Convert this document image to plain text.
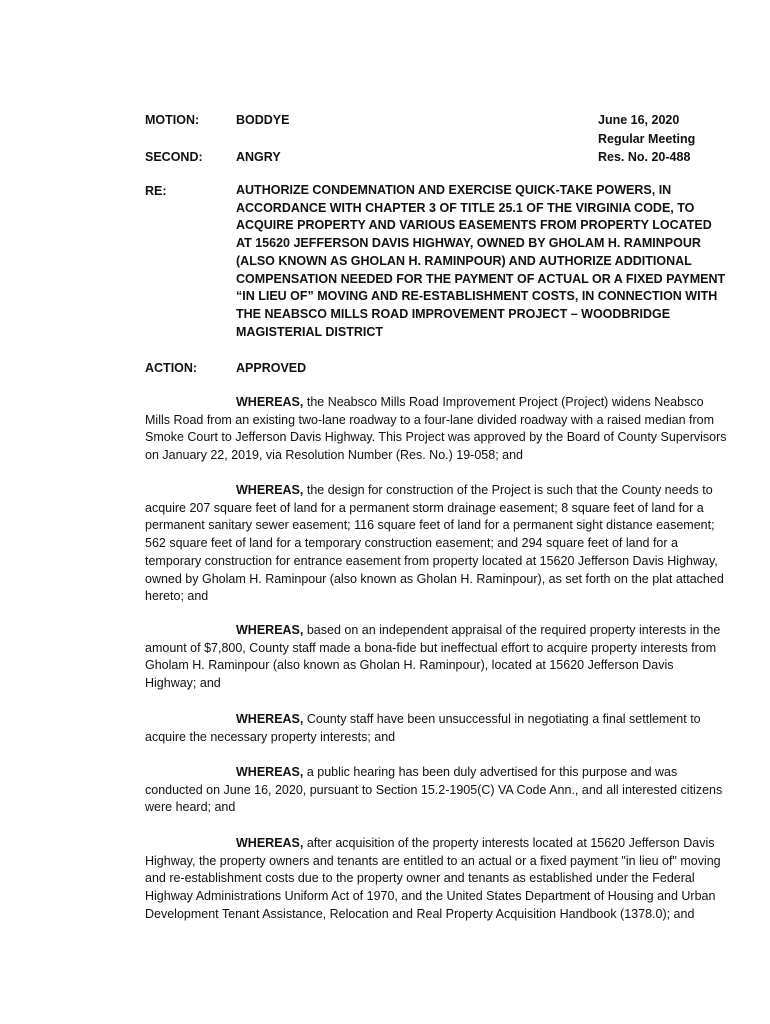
MOTION:	BODDYE	June 16, 2020
Regular Meeting
SECOND:	ANGRY	Res. No. 20-488
RE:	AUTHORIZE CONDEMNATION AND EXERCISE QUICK-TAKE POWERS, IN ACCORDANCE WITH CHAPTER 3 OF TITLE 25.1 OF THE VIRGINIA CODE, TO ACQUIRE PROPERTY AND VARIOUS EASEMENTS FROM PROPERTY LOCATED AT 15620 JEFFERSON DAVIS HIGHWAY, OWNED BY GHOLAM H. RAMINPOUR (ALSO KNOWN AS GHOLAN H. RAMINPOUR) AND AUTHORIZE ADDITIONAL COMPENSATION NEEDED FOR THE PAYMENT OF ACTUAL OR A FIXED PAYMENT “IN LIEU OF” MOVING AND RE-ESTABLISHMENT COSTS, IN CONNECTION WITH THE NEABSCO MILLS ROAD IMPROVEMENT PROJECT – WOODBRIDGE MAGISTERIAL DISTRICT
ACTION:	APPROVED

WHEREAS, the Neabsco Mills Road Improvement Project (Project) widens Neabsco Mills Road from an existing two-lane roadway to a four-lane divided roadway with a raised median from Smoke Court to Jefferson Davis Highway. This Project was approved by the Board of County Supervisors on January 22, 2019, via Resolution Number (Res. No.) 19-058; and

WHEREAS, the design for construction of the Project is such that the County needs to acquire 207 square feet of land for a permanent storm drainage easement; 8 square feet of land for a permanent sanitary sewer easement; 116 square feet of land for a permanent sight distance easement; 562 square feet of land for a temporary construction easement; and 294 square feet of land for a temporary construction for entrance easement from property located at 15620 Jefferson Davis Highway, owned by Gholam H. Raminpour (also known as Gholan H. Raminpour), as set forth on the plat attached hereto; and

WHEREAS, based on an independent appraisal of the required property interests in the amount of $7,800, County staff made a bona-fide but ineffectual effort to acquire property interests from Gholam H. Raminpour (also known as Gholan H. Raminpour), located at 15620 Jefferson Davis Highway; and

WHEREAS, County staff have been unsuccessful in negotiating a final settlement to acquire the necessary property interests; and

WHEREAS, a public hearing has been duly advertised for this purpose and was conducted on June 16, 2020, pursuant to Section 15.2-1905(C) VA Code Ann., and all interested citizens were heard; and

WHEREAS, after acquisition of the property interests located at 15620 Jefferson Davis Highway, the property owners and tenants are entitled to an actual or a fixed payment "in lieu of" moving and re-establishment costs due to the property owner and tenants as established under the Federal Highway Administrations Uniform Act of 1970, and the United States Department of Housing and Urban Development Tenant Assistance, Relocation and Real Property Acquisition Handbook (1378.0); and
